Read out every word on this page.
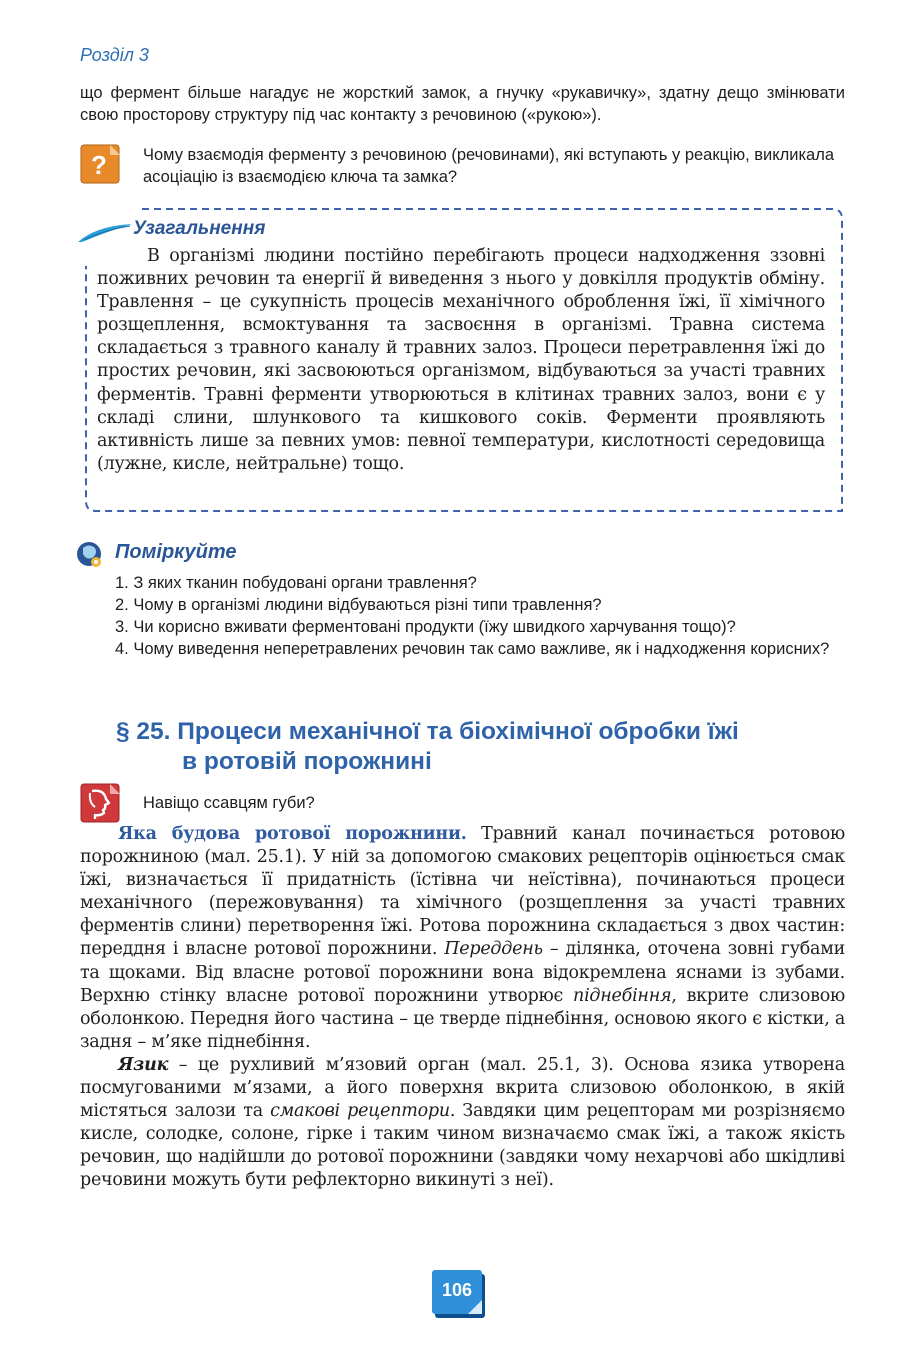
Розділ 3
що фермент більше нагадує не жорсткий замок, а гнучку «рукавичку», здатну дещо змінювати свою просторову структуру під час контакту з речовиною («рукою»).
? Чому взаємодія ферменту з речовиною (речовинами), які вступають у реакцію, викликала асоціацію із взаємодією ключа та замка?
Узагальнення
В організмі людини постійно перебігають процеси надходження ззовні поживних речовин та енергії й виведення з нього у довкілля продуктів обміну. Травлення – це сукупність процесів механічного оброблення їжі, її хімічного розщеплення, всмоктування та засвоєння в організмі. Травна система складається з травного каналу й травних залоз. Процеси перетравлення їжі до простих речовин, які засвоюються організмом, відбуваються за участі травних ферментів. Травні ферменти утворюються в клітинах травних залоз, вони є у складі слини, шлункового та кишкового соків. Ферменти проявляють активність лише за певних умов: певної температури, кислотності середовища (лужне, кисле, нейтральне) тощо.
Поміркуйте
1. З яких тканин побудовані органи травлення?
2. Чому в організмі людини відбуваються різні типи травлення?
3. Чи корисно вживати ферментовані продукти (їжу швидкого харчування тощо)?
4. Чому виведення неперетравлених речовин так само важливе, як і надходження корисних?
§ 25. Процеси механічної та біохімічної обробки їжі
в ротовій порожнині
Навіщо ссавцям губи?

Яка будова ротової порожнини. Травний канал починається ротовою порожниною (мал. 25.1). У ній за допомогою смакових рецепторів оцінюється смак їжі, визначається її придатність (їстівна чи неїстівна), починаються процеси механічного (пережовування) та хімічного (розщеплення за участі травних ферментів слини) перетворення їжі. Ротова порожнина складається з двох частин: переддня і власне ротової порожнини. Переддень – ділянка, оточена зовні губами та щоками. Від власне ротової порожнини вона відокремлена яснами із зубами. Верхню стінку власне ротової порожнини утворює піднебіння, вкрите слизовою оболонкою. Передня його частина – це тверде піднебіння, основою якого є кістки, а задня – м’яке піднебіння.

Язик – це рухливий м’язовий орган (мал. 25.1, 3). Основа язика утворена посмугованими м’язами, а його поверхня вкрита слизовою оболонкою, в якій містяться залози та смакові рецептори. Завдяки цим рецепторам ми розрізняємо кисле, солодке, солоне, гірке і таким чином визначаємо смак їжі, а також якість речовин, що надійшли до ротової порожнини (завдяки чому нехарчові або шкідливі речовини можуть бути рефлекторно викинуті з неї).

106
